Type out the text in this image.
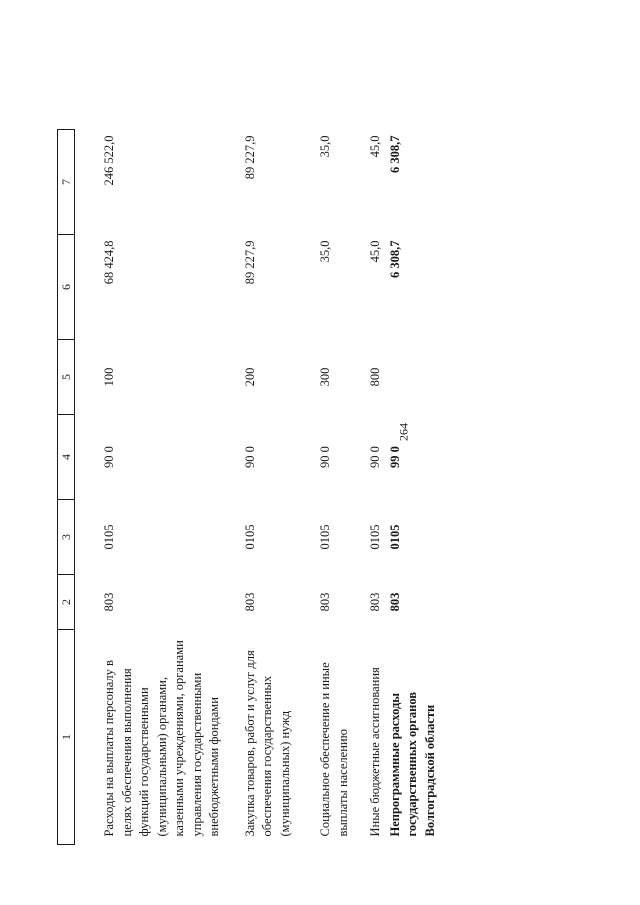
264
1	2	3	4	5	6	7
Расходы на выплаты персоналу в целях обеспечения выполнения функций государственными (муниципальными) органами, казенными учреждениями, органами управления государственными внебюджетными фондами	803	0105	90 0	100	68 424,8	246 522,0
Закупка товаров, работ и услуг для обеспечения государственных (муниципальных) нужд	803	0105	90 0	200	89 227,9	89 227,9
Социальное обеспечение и иные выплаты населению	803	0105	90 0	300	35,0	35,0
Иные бюджетные ассигнования	803	0105	90 0	800	45,0	45,0
Непрограммные расходы государственных органов Волгоградской области	803	0105	99 0		6 308,7	6 308,7
